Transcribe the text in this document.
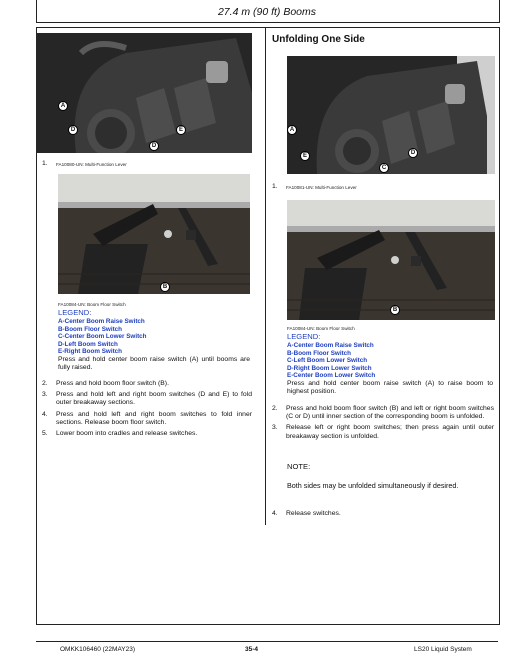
27.4 m (90 ft) Booms
A
D	E
D
1. FA10080-UN: Multi-Function Lever
B
FA10084-UN: Boom Floor Switch
LEGEND:
A-Center Boom Raise Switch
B-Boom Floor Switch
C-Center Boom Lower Switch
D-Left Boom Switch
E-Right Boom Switch
Press and hold center boom raise switch (A) until booms are fully raised.
2.	Press and hold boom floor switch (B).
3.	Press and hold left and right boom switches (D and E) to fold outer breakaway sections.
4.	Press and hold left and right boom switches to fold inner sections. Release boom floor switch.
5.	Lower boom into cradles and release switches.
Unfolding One Side
A
E
C
D
1. FA10081-UN: Multi-Function Lever
B
FA10084-UN: Boom Floor Switch
LEGEND:
A-Center Boom Raise Switch
B-Boom Floor Switch
C-Left Boom Lower Switch
D-Right Boom Lower Switch
E-Center Boom Lower Switch
Press and hold center boom raise switch (A) to raise boom to highest position.
2.	Press and hold boom floor switch (B) and left or right boom switches (C or D) until inner section of the corresponding boom is unfolded.
3.	Release left or right boom switches; then press again until outer breakaway section is unfolded.
NOTE:
Both sides may be unfolded simultaneously if desired.
4.	Release switches.
OMKK106460 (22MAY23)	35-4	LS20 Liquid System
